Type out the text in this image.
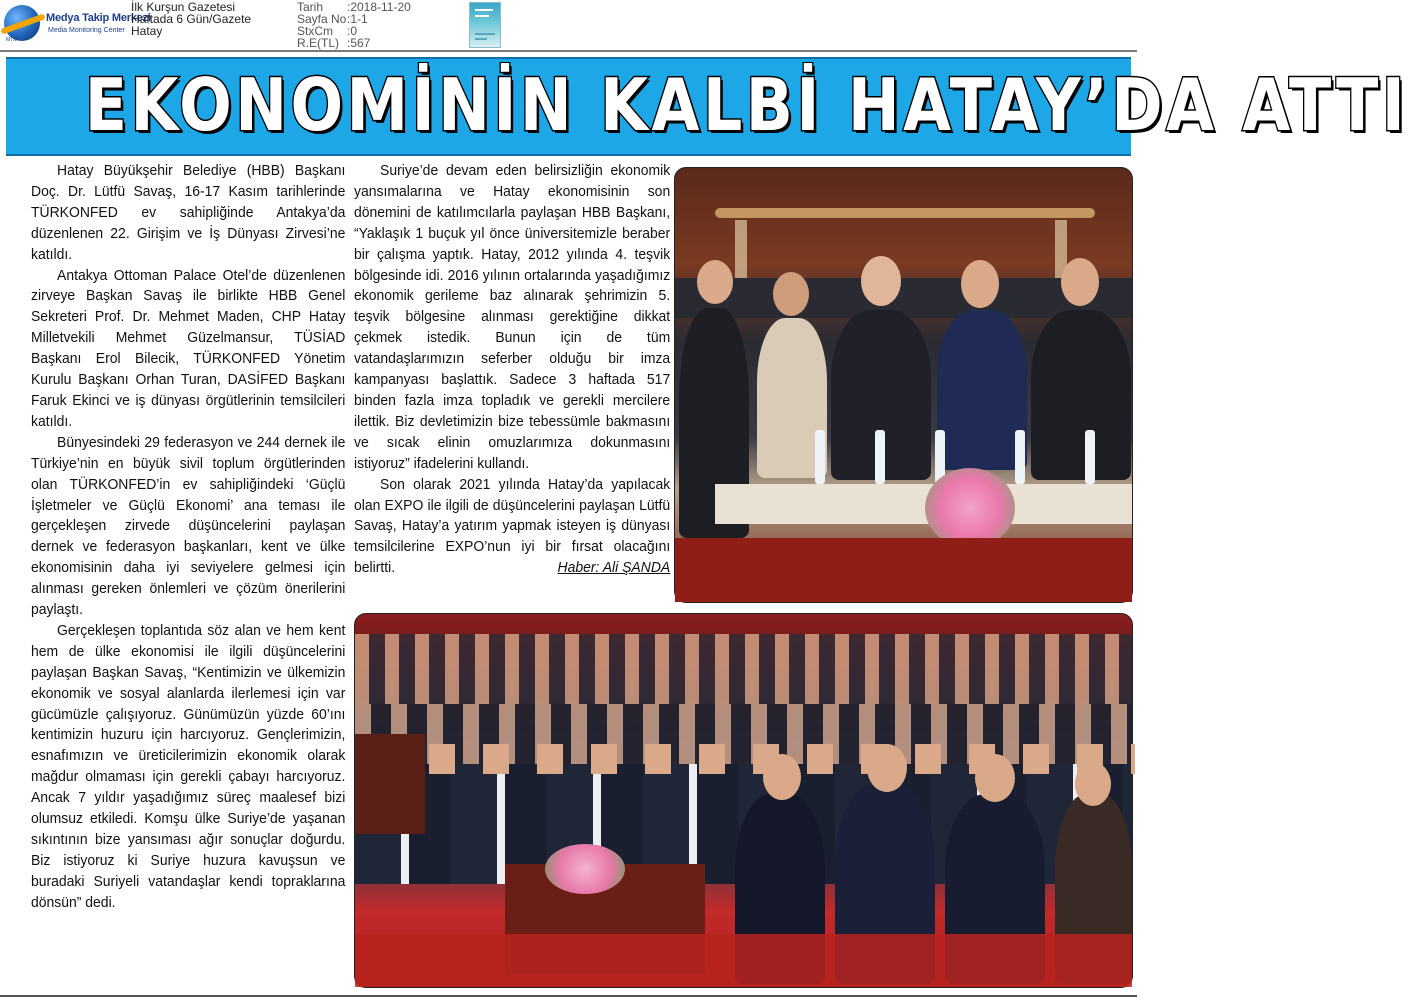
Medya Takip Merkezi
Media Monitoring Center
MTM
İlk Kurşun Gazetesi
Haftada 6 Gün/Gazete
Hatay
Tarih	:2018-11-20
Sayfa No :1-1
StxCm	:0
R.E(TL) :567
EKONOMİNİN KALBİ HATAY’DA ATTI

Hatay Büyükşehir Belediye (HBB) Başkanı Doç. Dr. Lütfü Savaş, 16-17 Kasım tarihlerinde TÜRKONFED ev sahipliğinde Antakya’da düzenlenen 22. Girişim ve İş Dünyası Zirvesi’ne katıldı.

Antakya Ottoman Palace Otel’de düzenlenen zirveye Başkan Savaş ile birlikte HBB Genel Sekreteri Prof. Dr. Mehmet Maden, CHP Hatay Milletvekili Mehmet Güzelmansur, TÜSİAD Başkanı Erol Bilecik, TÜRKONFED Yönetim Kurulu Başkanı Orhan Turan, DASİFED Başkanı Faruk Ekinci ve iş dünyası örgütlerinin temsilcileri katıldı.

Bünyesindeki 29 federasyon ve 244 dernek ile Türkiye’nin en büyük sivil toplum örgütlerinden olan TÜRKONFED’in ev sahipliğindeki ‘Güçlü İşletmeler ve Güçlü Ekonomi’ ana teması ile gerçekleşen zirvede düşüncelerini paylaşan dernek ve federasyon başkanları, kent ve ülke ekonomisinin daha iyi seviyelere gelmesi için alınması gereken önlemleri ve çözüm önerilerini paylaştı.

Gerçekleşen toplantıda söz alan ve hem kent hem de ülke ekonomisi ile ilgili düşüncelerini paylaşan Başkan Savaş, “Kentimizin ve ülkemizin ekonomik ve sosyal alanlarda ilerlemesi için var gücümüzle çalışıyoruz. Günümüzün yüzde 60’ını kentimizin huzuru için harcıyoruz. Gençlerimizin, esnafımızın ve üreticilerimizin ekonomik olarak mağdur olmaması için gerekli çabayı harcıyoruz. Ancak 7 yıldır yaşadığımız süreç maalesef bizi olumsuz etkiledi. Komşu ülke Suriye’de yaşanan sıkıntının bize yansıması ağır sonuçlar doğurdu. Biz istiyoruz ki Suriye huzura kavuşsun ve buradaki Suriyeli vatandaşlar kendi topraklarına dönsün” dedi.

Suriye’de devam eden belirsizliğin ekonomik yansımalarına ve Hatay ekonomisinin son dönemini de katılımcılarla paylaşan HBB Başkanı, “Yaklaşık 1 buçuk yıl önce üniversitemizle beraber bir çalışma yaptık. Hatay, 2012 yılında 4. teşvik bölgesinde idi. 2016 yılının ortalarında yaşadığımız ekonomik gerileme baz alınarak şehrimizin 5. teşvik bölgesine alınması gerektiğine dikkat çekmek istedik. Bunun için de tüm vatandaşlarımızın seferber olduğu bir imza kampanyası başlattık. Sadece 3 haftada 517 binden fazla imza topladık ve gerekli mercilere ilettik. Biz devletimizin bize tebessümle bakmasını ve sıcak elinin omuzlarımıza dokunmasını istiyoruz” ifadelerini kullandı.

Son olarak 2021 yılında Hatay’da yapılacak olan EXPO ile ilgili de düşüncelerini paylaşan Lütfü Savaş, Hatay’a yatırım yapmak isteyen iş dünyası temsilcilerine EXPO’nun iyi bir fırsat olacağını belirtti.	Haber: Ali ŞANDA
